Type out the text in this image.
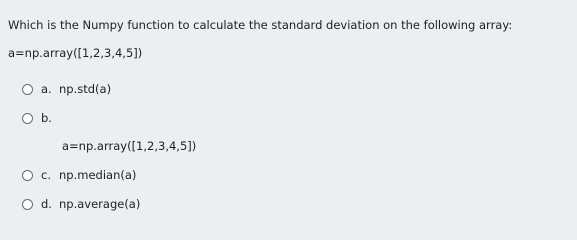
Which is the Numpy function to calculate the standard deviation on the following array:
a=np.array([1,2,3,4,5])
a. np.std(a)
b.
a=np.array([1,2,3,4,5])
c. np.median(a)
d. np.average(a)
